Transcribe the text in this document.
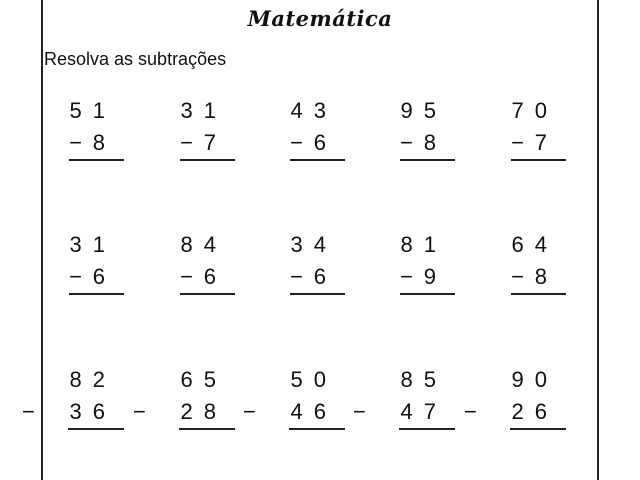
Matemática
Resolva as subtrações
51
− 8
31
− 7
43
− 6
95
− 8
70
− 7
31
− 6
84
− 6
34
− 6
81
− 9
64
− 8
82
− 36
65
− 28
50
− 46
85
− 47
90
− 26
